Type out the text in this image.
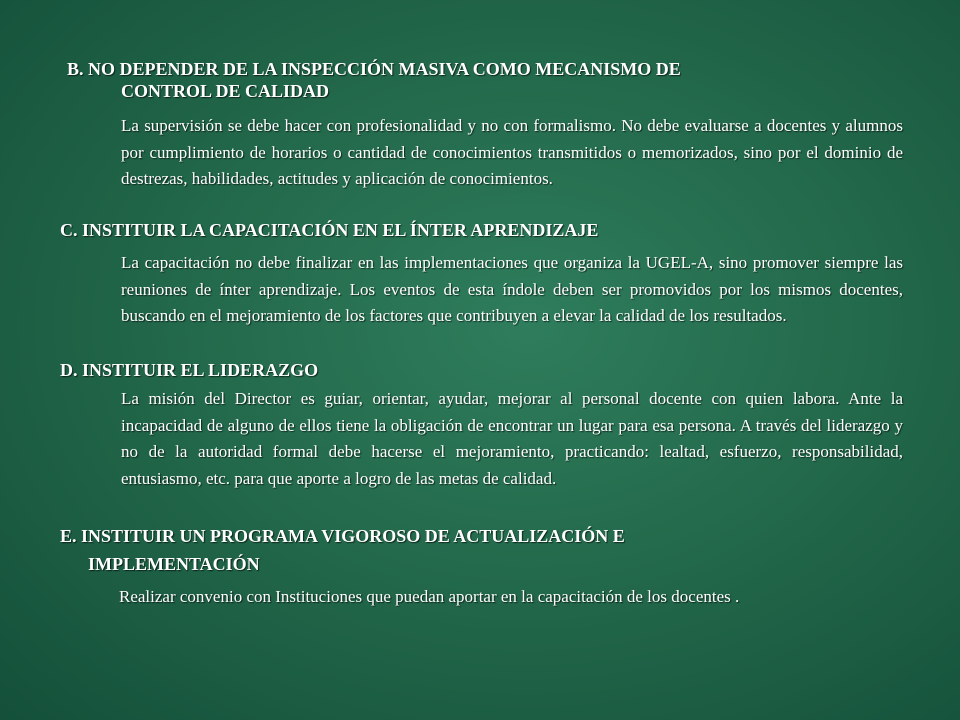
B. NO DEPENDER DE LA INSPECCIÓN MASIVA COMO MECANISMO DE
CONTROL DE CALIDAD

La supervisión se debe hacer con profesionalidad y no con formalismo. No debe evaluarse a docentes y alumnos por cumplimiento de horarios o cantidad de conocimientos transmitidos o memorizados, sino por el dominio de destrezas, habilidades, actitudes y aplicación de conocimientos.

C. INSTITUIR LA CAPACITACIÓN EN EL ÍNTER APRENDIZAJE

La capacitación no debe finalizar en las implementaciones que organiza la UGEL-A, sino promover siempre las reuniones de ínter aprendizaje. Los eventos de esta índole deben ser promovidos por los mismos docentes, buscando en el mejoramiento de los factores que contribuyen a elevar la calidad de los resultados.

D. INSTITUIR EL LIDERAZGO

La misión del Director es guiar, orientar, ayudar, mejorar al personal docente con quien labora. Ante la incapacidad de alguno de ellos tiene la obligación de encontrar un lugar para esa persona. A través del liderazgo y no de la autoridad formal debe hacerse el mejoramiento, practicando: lealtad, esfuerzo, responsabilidad, entusiasmo, etc. para que aporte a logro de las metas de calidad.

E. INSTITUIR UN PROGRAMA VIGOROSO DE ACTUALIZACIÓN E
IMPLEMENTACIÓN

Realizar convenio con Instituciones que puedan aportar en la capacitación de los docentes .
